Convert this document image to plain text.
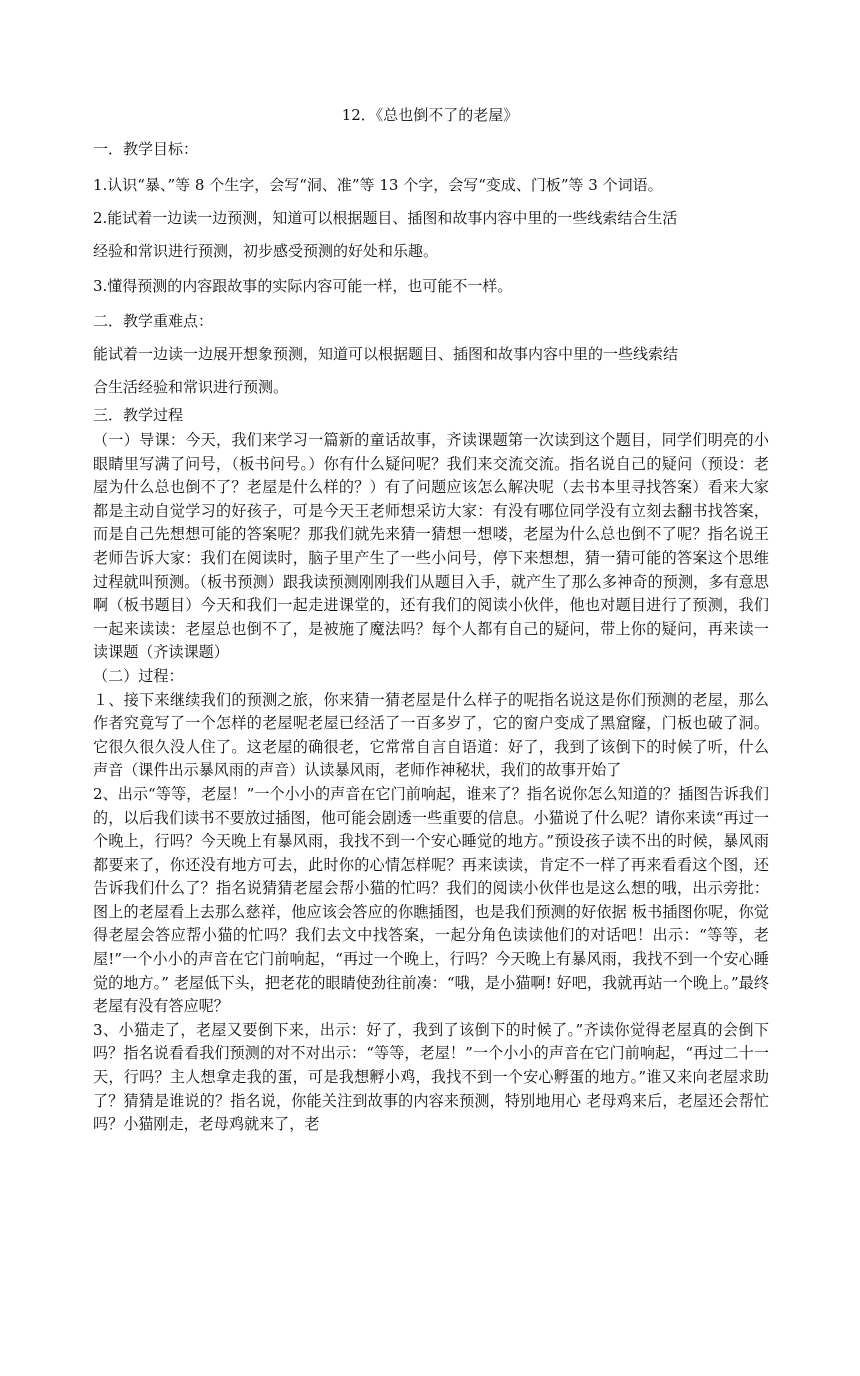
12．《总也倒不了的老屋》
一．教学目标：
1.认识“暴、”等 8 个生字，会写“洞、准”等 13 个字，会写“变成、门板”等 3 个词语。
2.能试着一边读一边预测，知道可以根据题目、插图和故事内容中里的一些线索结合生活
经验和常识进行预测，初步感受预测的好处和乐趣。
3.懂得预测的内容跟故事的实际内容可能一样，也可能不一样。
二．教学重难点：
能试着一边读一边展开想象预测，知道可以根据题目、插图和故事内容中里的一些线索结
合生活经验和常识进行预测。
三．教学过程

（一）导课：今天，我们来学习一篇新的童话故事，齐读课题第一次读到这个题目，同学们明亮的小眼睛里写满了问号，（板书问号。）你有什么疑问呢？我们来交流交流。指名说自己的疑问（预设：老屋为什么总也倒不了？老屋是什么样的？）有了问题应该怎么解决呢（去书本里寻找答案）看来大家都是主动自觉学习的好孩子，可是今天王老师想采访大家：有没有哪位同学没有立刻去翻书找答案，而是自己先想想可能的答案呢？那我们就先来猜一猜想一想喽，老屋为什么总也倒不了呢？指名说王老师告诉大家：我们在阅读时，脑子里产生了一些小问号，停下来想想，猜一猜可能的答案这个思维过程就叫预测。（板书预测）跟我读预测刚刚我们从题目入手，就产生了那么多神奇的预测，多有意思啊（板书题目）今天和我们一起走进课堂的，还有我们的阅读小伙伴，他也对题目进行了预测，我们一起来读读：老屋总也倒不了，是被施了魔法吗？每个人都有自己的疑问，带上你的疑问，再来读一读课题（齐读课题）

（二）过程：

１、接下来继续我们的预测之旅，你来猜一猜老屋是什么样子的呢指名说这是你们预测的老屋，那么作者究竟写了一个怎样的老屋呢老屋已经活了一百多岁了，它的窗户变成了黑窟窿，门板也破了洞。它很久很久没人住了。这老屋的确很老，它常常自言自语道：好了，我到了该倒下的时候了听，什么声音（课件出示暴风雨的声音）认读暴风雨，老师作神秘状，我们的故事开始了

2、出示“等等，老屋！”一个小小的声音在它门前响起，谁来了？指名说你怎么知道的？插图告诉我们的，以后我们读书不要放过插图，他可能会剧透一些重要的信息。小猫说了什么呢？请你来读“再过一个晚上，行吗？今天晚上有暴风雨，我找不到一个安心睡觉的地方。”预设孩子读不出的时候，暴风雨都要来了，你还没有地方可去，此时你的心情怎样呢？再来读读，肯定不一样了再来看看这个图，还告诉我们什么了？指名说猜猜老屋会帮小猫的忙吗？我们的阅读小伙伴也是这么想的哦，出示旁批：图上的老屋看上去那么慈祥，他应该会答应的你瞧插图，也是我们预测的好依据 板书插图你呢，你觉得老屋会答应帮小猫的忙吗？我们去文中找答案，一起分角色读读他们的对话吧！出示：“等等，老屋!”一个小小的声音在它门前响起，“再过一个晚上，行吗？今天晚上有暴风雨，我找不到一个安心睡觉的地方。” 老屋低下头，把老花的眼睛使劲往前凑：“哦，是小猫啊! 好吧，我就再站一个晚上。”最终老屋有没有答应呢？

3、小猫走了，老屋又要倒下来，出示：好了，我到了该倒下的时候了。”齐读你觉得老屋真的会倒下吗？指名说看看我们预测的对不对出示：“等等，老屋！”一个小小的声音在它门前响起，“再过二十一天，行吗？主人想拿走我的蛋，可是我想孵小鸡，我找不到一个安心孵蛋的地方。”谁又来向老屋求助了？猜猜是谁说的？指名说，你能关注到故事的内容来预测，特别地用心 老母鸡来后，老屋还会帮忙吗？小猫刚走，老母鸡就来了，老
